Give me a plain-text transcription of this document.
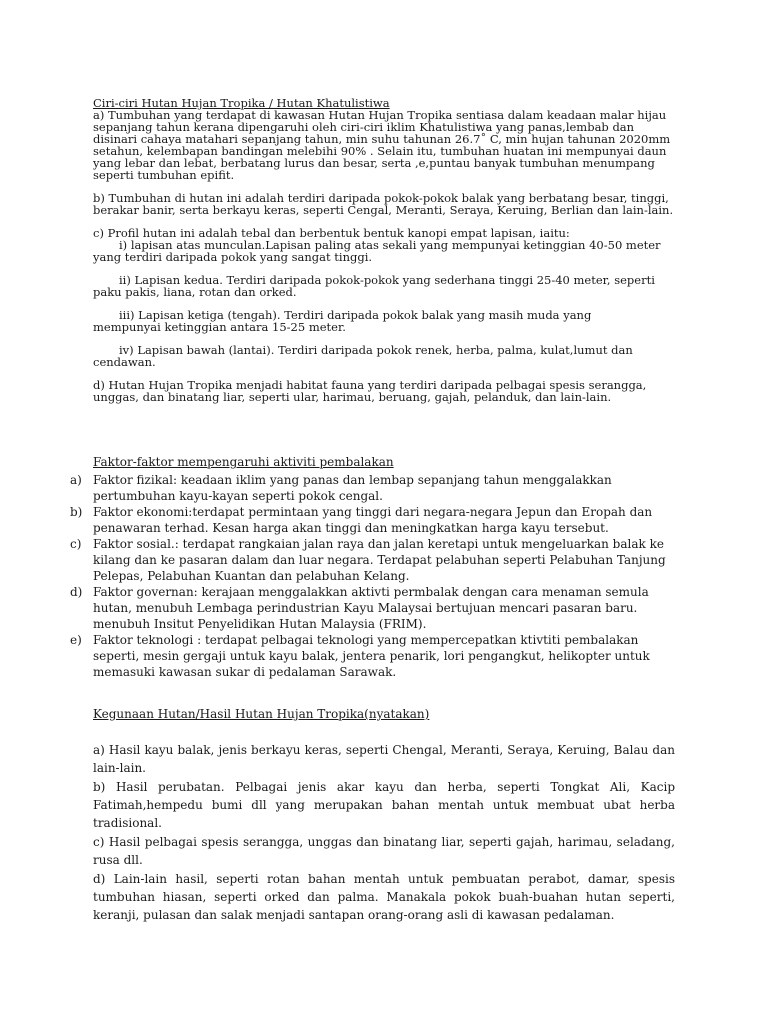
Ciri-ciri Hutan Hujan Tropika / Hutan Khatulistiwa

a) Tumbuhan yang terdapat di kawasan Hutan Hujan Tropika sentiasa dalam keadaan malar hijau sepanjang tahun kerana dipengaruhi oleh ciri-ciri iklim Khatulistiwa yang panas,lembab dan disinari cahaya matahari sepanjang tahun, min suhu tahunan 26.7˚ C, min hujan tahunan 2020mm setahun, kelembapan bandingan melebihi 90% . Selain itu, tumbuhan huatan ini mempunyai daun yang lebar dan lebat, berbatang lurus dan besar, serta ,e,puntau banyak tumbuhan menumpang seperti tumbuhan epifit.

b) Tumbuhan di hutan ini adalah terdiri daripada pokok-pokok balak yang berbatang besar, tinggi, berakar banir, serta berkayu keras, seperti Cengal, Meranti, Seraya, Keruing, Berlian dan lain-lain.

c) Profil hutan ini adalah tebal dan berbentuk bentuk kanopi empat lapisan, iaitu:
i) lapisan atas munculan.Lapisan paling atas sekali yang mempunyai ketinggian 40-50 meter
yang terdiri daripada pokok yang sangat tinggi.

ii) Lapisan kedua. Terdiri daripada pokok-pokok yang sederhana tinggi 25-40 meter, seperti
paku pakis, liana, rotan dan orked.

iii) Lapisan ketiga (tengah). Terdiri daripada pokok balak yang masih muda yang
mempunyai ketinggian antara 15-25 meter.

iv) Lapisan bawah (lantai). Terdiri daripada pokok renek, herba, palma, kulat,lumut dan
cendawan.

d) Hutan Hujan Tropika menjadi habitat fauna yang terdiri daripada pelbagai spesis serangga, unggas, dan binatang liar, seperti ular, harimau, beruang, gajah, pelanduk, dan lain-lain.

Faktor-faktor mempengaruhi aktiviti pembalakan
a) Faktor fizikal: keadaan iklim yang panas dan lembap sepanjang tahun menggalakkan pertumbuhan kayu-kayan seperti pokok cengal.
b) Faktor ekonomi:terdapat permintaan yang tinggi dari negara-negara Jepun dan Eropah dan penawaran terhad. Kesan harga akan tinggi dan meningkatkan harga kayu tersebut.
c) Faktor sosial.: terdapat rangkaian jalan raya dan jalan keretapi untuk mengeluarkan balak ke kilang dan ke pasaran dalam dan luar negara. Terdapat pelabuhan seperti Pelabuhan Tanjung Pelepas, Pelabuhan Kuantan dan pelabuhan Kelang.
d) Faktor governan: kerajaan menggalakkan aktivti permbalak dengan cara menaman semula hutan, menubuh Lembaga perindustrian Kayu Malaysai bertujuan mencari pasaran baru. menubuh Insitut Penyelidikan Hutan Malaysia (FRIM).
e) Faktor teknologi : terdapat pelbagai teknologi yang mempercepatkan ktivtiti pembalakan seperti, mesin gergaji untuk kayu balak, jentera penarik, lori pengangkut, helikopter untuk memasuki kawasan sukar di pedalaman Sarawak.
Kegunaan Hutan/Hasil Hutan Hujan Tropika(nyatakan)

a) Hasil kayu balak, jenis berkayu keras, seperti Chengal, Meranti, Seraya, Keruing, Balau dan lain-lain.

b) Hasil perubatan. Pelbagai jenis akar kayu dan herba, seperti Tongkat Ali, Kacip Fatimah,hempedu bumi dll yang merupakan bahan mentah untuk membuat ubat herba tradisional.

c) Hasil pelbagai spesis serangga, unggas dan binatang liar, seperti gajah, harimau, seladang, rusa dll.

d) Lain-lain hasil, seperti rotan bahan mentah untuk pembuatan perabot, damar, spesis tumbuhan hiasan, seperti orked dan palma. Manakala pokok buah-buahan hutan seperti, keranji, pulasan dan salak menjadi santapan orang-orang asli di kawasan pedalaman.
